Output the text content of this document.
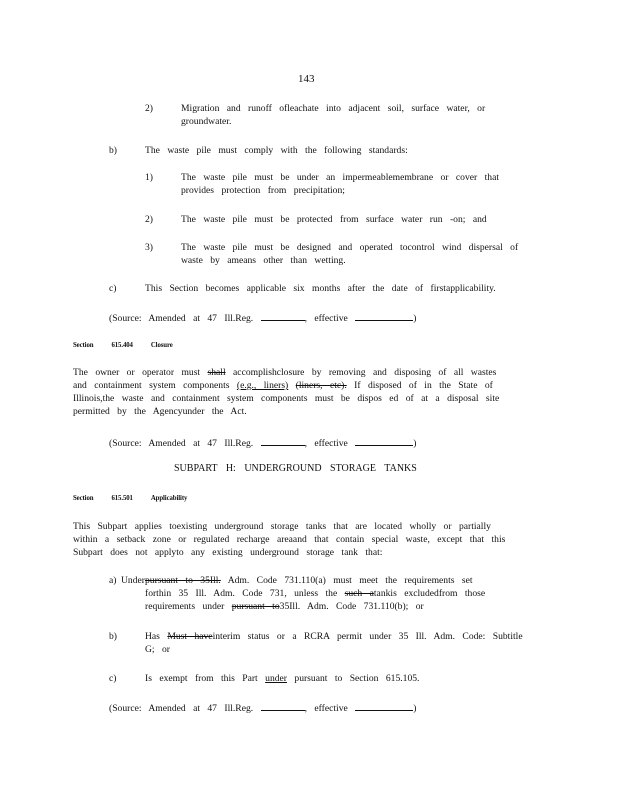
143
2)	Migration and runoff ofleachate into adjacent soil, surface water, or
groundwater.
b)	The waste pile must comply with the following standards:
1)	The waste pile must be under an impermeablemembrane or cover that
provides protection from precipitation;
2)	The waste pile must be protected from surface water run -on; and
3)	The waste pile must be designed and operated tocontrol wind dispersal of
waste by ameans other than wetting.
c)	This Section becomes applicable six months after the date of firstapplicability.
(Source: Amended at 47 Ill.Reg.	, effective	)
Section	615.404	Closure
The owner or operator must shall accomplishclosure by removing and disposing of all wastes
and containment system components (e.g., liners) (liners, etc). If disposed of in the State of
Illinois,the waste and containment system components must be dispos ed of at a disposal site
permitted by the Agencyunder the Act.
(Source: Amended at 47 Ill.Reg.	, effective	)
SUBPART H: UNDERGROUND STORAGE TANKS
Section	615.501	Applicability
This Subpart applies toexisting underground storage tanks that are located wholly or partially
within a setback zone or regulated recharge areaand that contain special waste, except that this
Subpart does not applyto any existing underground storage tank that:
a) Underpursuant to 35Ill. Adm. Code 731.110(a) must meet the requirements set
forthin 35 Ill. Adm. Code 731, unless the such atankis excludedfrom those
requirements under pursuant to35Ill. Adm. Code 731.110(b); or
b)	Has Must haveinterim status or a RCRA permit under 35 Ill. Adm. Code: Subtitle
G; or
c)	Is exempt from this Part under pursuant to Section 615.105.
(Source: Amended at 47 Ill.Reg.	, effective	)
